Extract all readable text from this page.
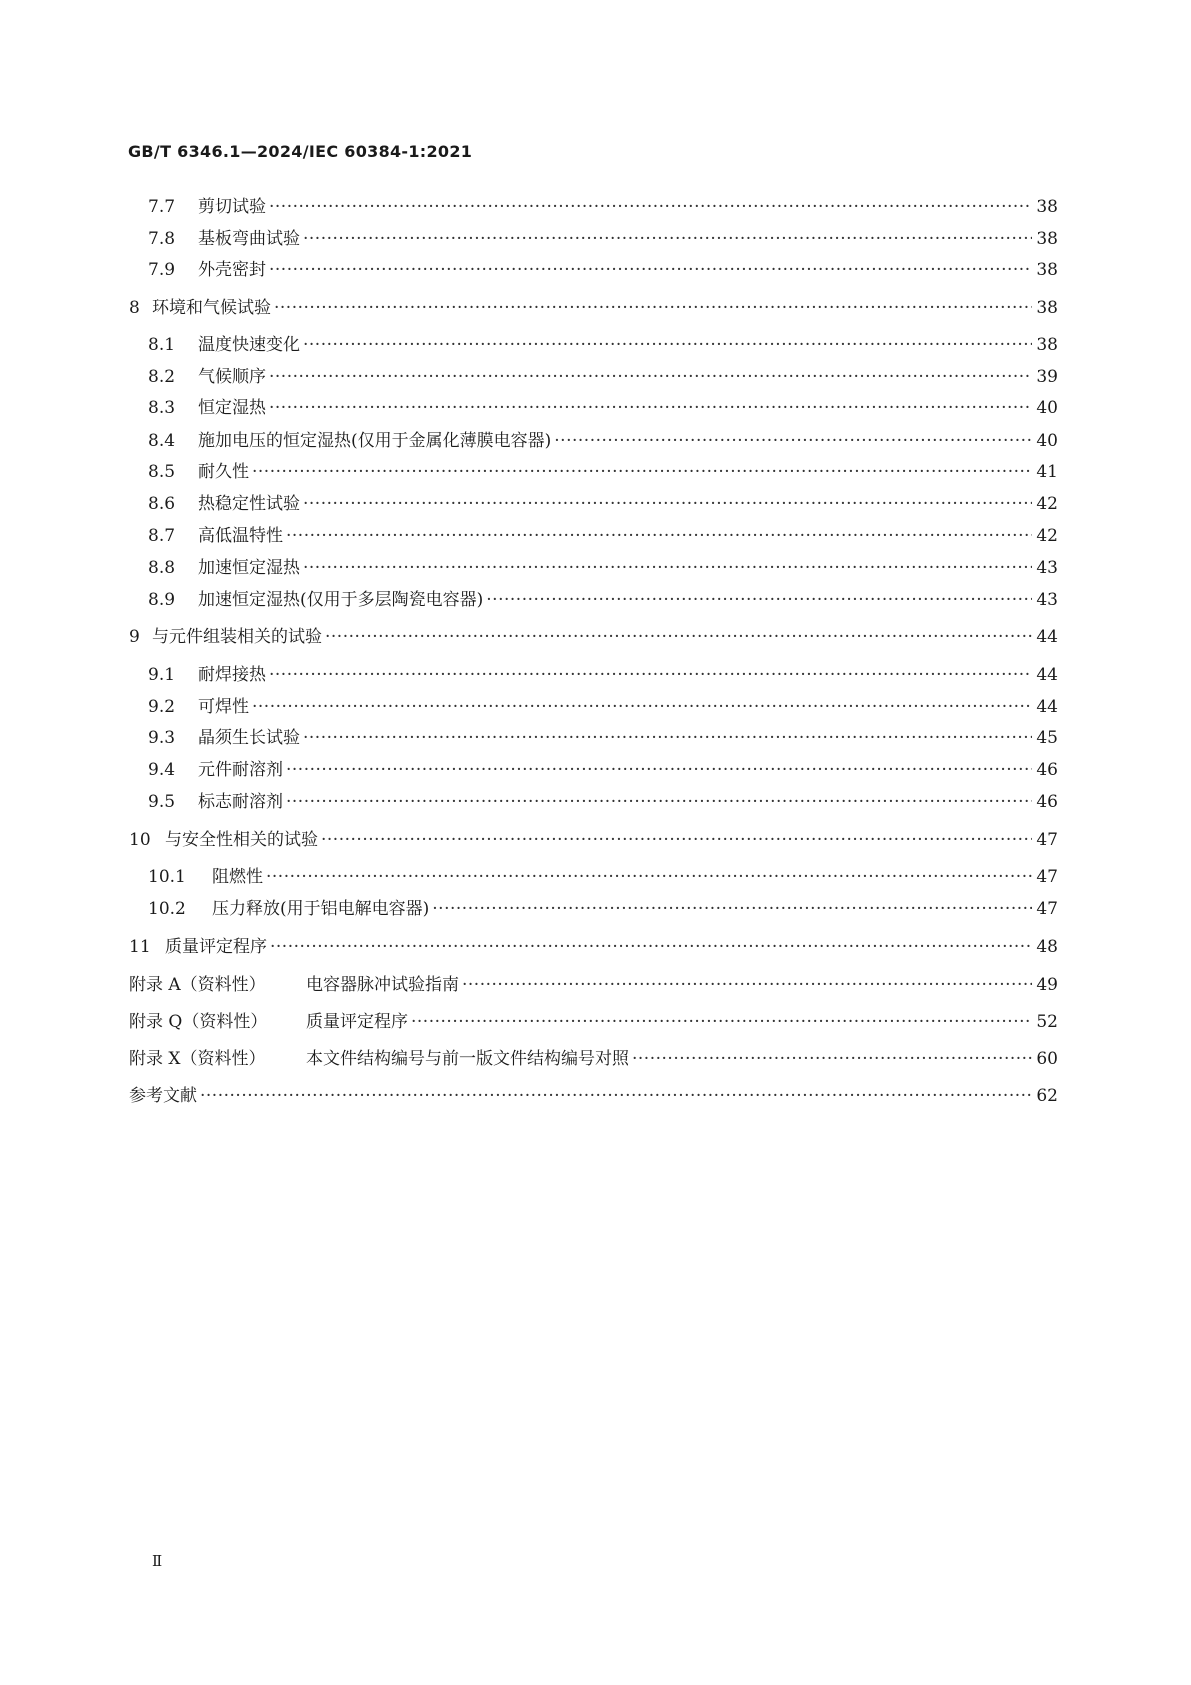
GB/T 6346.1—2024/IEC 60384-1:2021
7.7	剪切试验 ·····	38
7.8	基板弯曲试验 ·····	38
7.9	外壳密封 ·····	38
8 环境和气候试验 ·····	38
8.1	温度快速变化 ·····	38
8.2	气候顺序 ·····	39
8.3	恒定湿热 ·····	40
8.4	施加电压的恒定湿热(仅用于金属化薄膜电容器) ·····	40
8.5	耐久性 ·····	41
8.6	热稳定性试验 ·····	42
8.7	高低温特性 ·····	42
8.8	加速恒定湿热 ·····	43
8.9	加速恒定湿热(仅用于多层陶瓷电容器) ·····	43
9 与元件组装相关的试验 ·····	44
9.1	耐焊接热 ·····	44
9.2	可焊性 ·····	44
9.3	晶须生长试验 ·····	45
9.4	元件耐溶剂 ·····	46
9.5	标志耐溶剂 ·····	46
10 与安全性相关的试验 ·····	47
10.1	阻燃性 ·····	47
10.2	压力释放(用于铝电解电容器) ·····	47
11 质量评定程序 ·····	48
附录 A（资料性）	电容器脉冲试验指南 ·····	49
附录 Q（资料性）	质量评定程序 ·····	52
附录 X（资料性）	本文件结构编号与前一版文件结构编号对照 ·····	60
参考文献 ·····	62
Ⅱ
